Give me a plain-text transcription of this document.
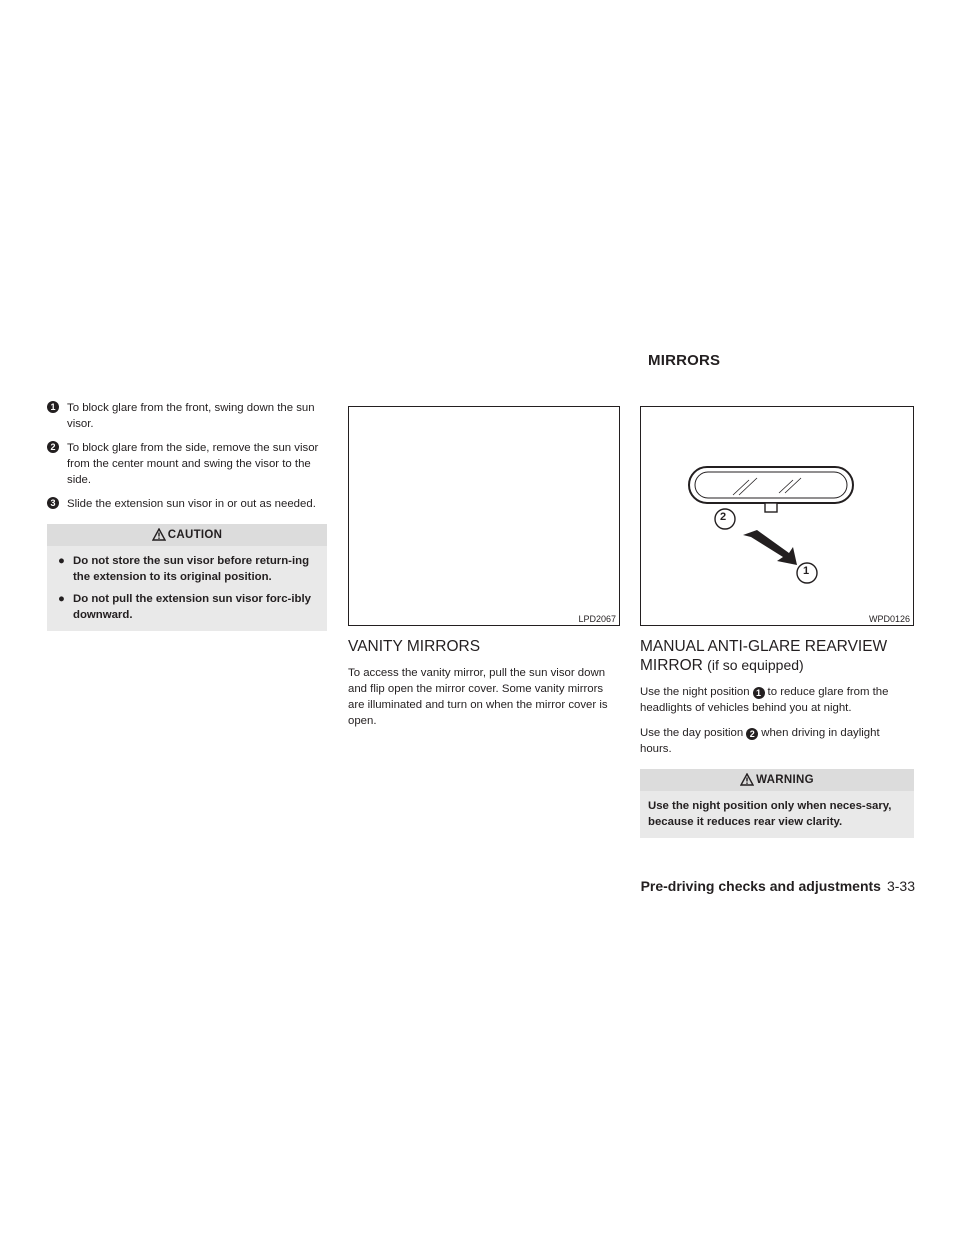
MIRRORS
1	To block glare from the front, swing down the sun visor.
2	To block glare from the side, remove the sun visor from the center mount and swing the visor to the side.
3	Slide the extension sun visor in or out as needed.
CAUTION
● Do not store the sun visor before return-ing the extension to its original position.
● Do not pull the extension sun visor forc-ibly downward.	LPD2067
VANITY MIRRORS
To access the vanity mirror, pull the sun visor down and flip open the mirror cover. Some vanity mirrors are illuminated and turn on when the mirror cover is open.
2
1
WPD0126
MANUAL ANTI-GLARE REARVIEW
MIRROR (if so equipped)
Use the night position 1 to reduce glare from the headlights of vehicles behind you at night.
Use the day position 2 when driving in daylight hours.
WARNING
Use the night position only when neces-sary, because it reduces rear view clarity.
Pre-driving checks and adjustments 3-33
